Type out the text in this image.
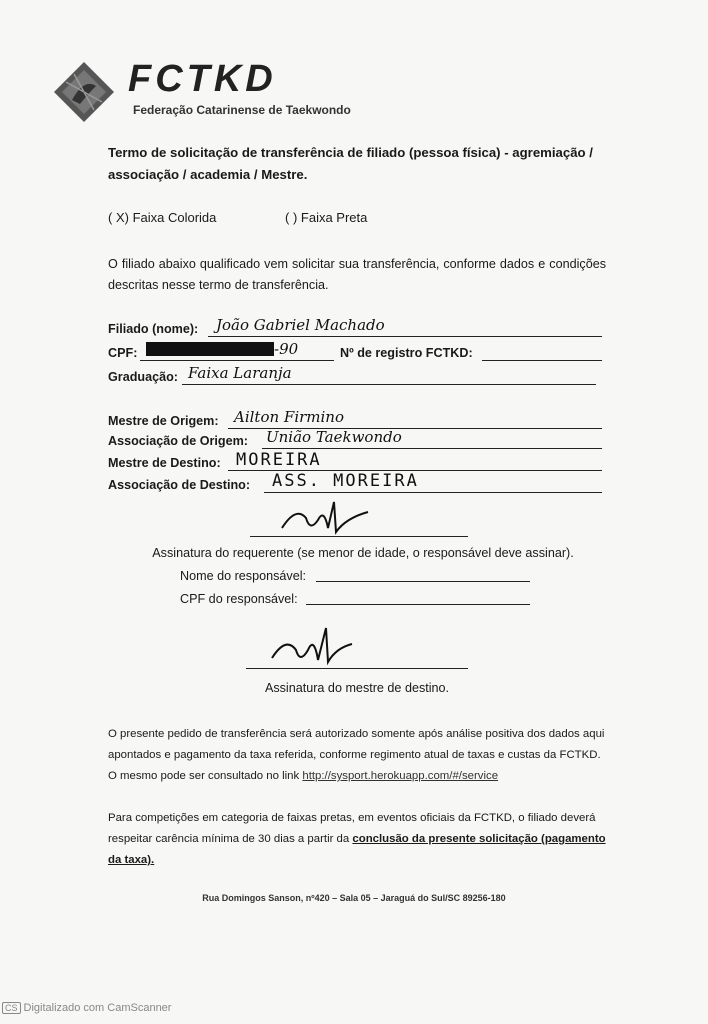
FCTKD
Federação Catarinense de Taekwondo
Termo de solicitação de transferência de filiado (pessoa física) - agremiação / associação / academia / Mestre.
( X) Faixa Colorida	( ) Faixa Preta
O filiado abaixo qualificado vem solicitar sua transferência, conforme dados e condições descritas nesse termo de transferência.
Filiado (nome): João Gabriel Machado
CPF:	-90	Nº de registro FCTKD:
Graduação: Faixa Laranja
Mestre de Origem: Ailton Firmino
Associação de Origem: União Taekwondo
Mestre de Destino: MOREIRA
Associação de Destino: ASS. MOREIRA
Assinatura do requerente (se menor de idade, o responsável deve assinar).
Nome do responsável:
CPF do responsável:
Assinatura do mestre de destino.
O presente pedido de transferência será autorizado somente após análise positiva dos dados aqui apontados e pagamento da taxa referida, conforme regimento atual de taxas e custas da FCTKD. O mesmo pode ser consultado no link http://sysport.herokuapp.com/#/service
Para competições em categoria de faixas pretas, em eventos oficiais da FCTKD, o filiado deverá respeitar carência mínima de 30 dias a partir da conclusão da presente solicitação (pagamento da taxa).
Rua Domingos Sanson, nº420 – Sala 05 – Jaraguá do Sul/SC 89256-180
CS Digitalizado com CamScanner
